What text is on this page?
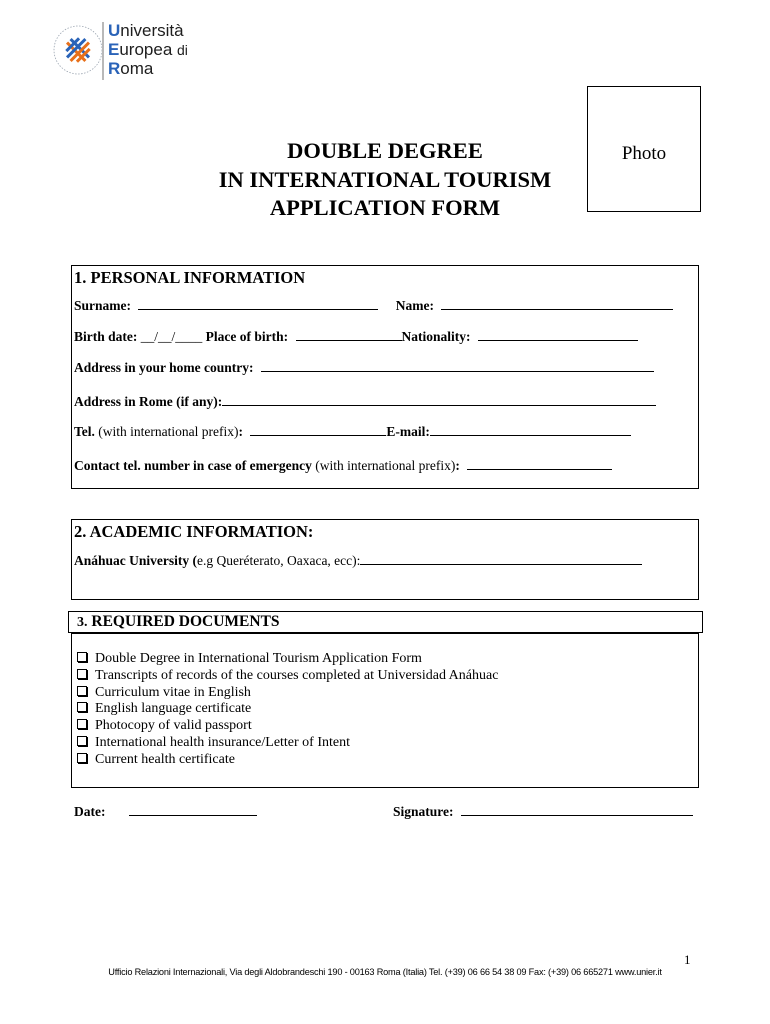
Università
Europea di
Roma
DOUBLE DEGREE
IN INTERNATIONAL TOURISM
APPLICATION FORM
Photo
1. PERSONAL INFORMATION
Surname:	Name:
Birth date: __/__/____ Place of birth:	Nationality:
Address in your home country:
Address in Rome (if any):
Tel. (with international prefix):	E-mail:
Contact tel. number in case of emergency (with international prefix):
2. ACADEMIC INFORMATION:
Anáhuac University (e.g Queréterato, Oaxaca, ecc):
3. REQUIRED DOCUMENTS
Double Degree in International Tourism Application Form
Transcripts of records of the courses completed at Universidad Anáhuac
Curriculum vitae in English
English language certificate
Photocopy of valid passport
International health insurance/Letter of Intent
Current health certificate
Date:	Signature:
1
Ufficio Relazioni Internazionali, Via degli Aldobrandeschi 190 - 00163 Roma (Italia) Tel. (+39) 06 66 54 38 09 Fax: (+39) 06 665271 www.unier.it
